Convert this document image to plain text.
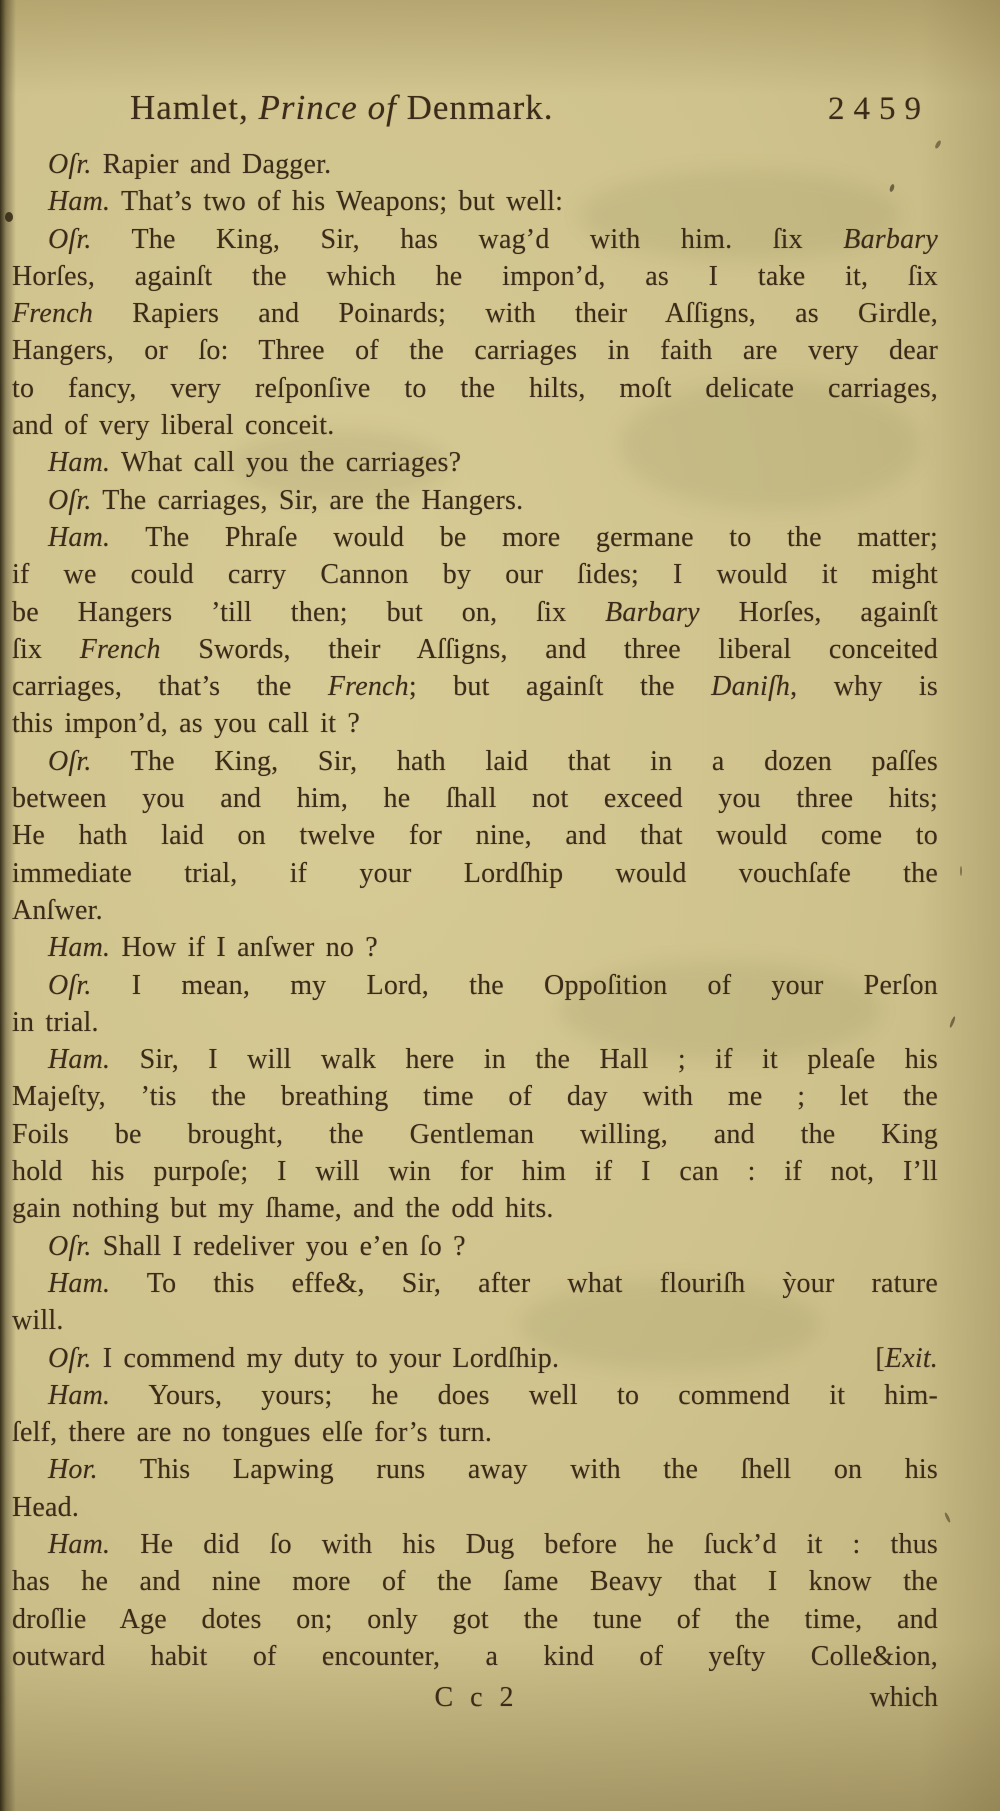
Hamlet, Prince of Denmark.	2459
Oſr. Rapier and Dagger.
Ham. That’s two of his Weapons; but well:
Oſr. The King, Sir, has wag’d with him. ſix Barbary
Horſes, againſt the which he impon’d, as I take it, ſix
French Rapiers and Poinards; with their Aſſigns, as Girdle,
Hangers, or ſo: Three of the carriages in faith are very dear
to fancy, very reſponſive to the hilts, moſt delicate carriages,
and of very liberal conceit.
Ham. What call you the carriages?
Oſr. The carriages, Sir, are the Hangers.
Ham. The Phraſe would be more germane to the matter;
if we could carry Cannon by our ſides; I would it might
be Hangers ’till then; but on, ſix Barbary Horſes, againſt
ſix French Swords, their Aſſigns, and three liberal conceited
carriages, that’s the French; but againſt the Daniſh, why is
this impon’d, as you call it ?
Oſr. The King, Sir, hath laid that in a dozen paſſes
between you and him, he ſhall not exceed you three hits;
He hath laid on twelve for nine, and that would come to
immediate trial, if your Lordſhip would vouchſafe the
Anſwer.
Ham. How if I anſwer no ?
Oſr. I mean, my Lord, the Oppoſition of your Perſon
in trial.
Ham. Sir, I will walk here in the Hall ; if it pleaſe his
Majeſty, ’tis the breathing time of day with me ; let the
Foils be brought, the Gentleman willing, and the King
hold his purpoſe; I will win for him if I can : if not, I’ll
gain nothing but my ſhame, and the odd hits.
Oſr. Shall I redeliver you e’en ſo ?
Ham. To this effe&, Sir, after what flouriſh ỳour rature
will.
Oſr. I commend my duty to your Lordſhip.	[Exit.
Ham. Yours, yours; he does well to commend it him-
ſelf, there are no tongues elſe for’s turn.
Hor. This Lapwing runs away with the ſhell on his
Head.
Ham. He did ſo with his Dug before he ſuck’d it : thus
has he and nine more of the ſame Beavy that I know the
droſlie Age dotes on; only got the tune of the time, and
outward habit of encounter, a kind of yeſty Colle&ion,
C c 2	which
